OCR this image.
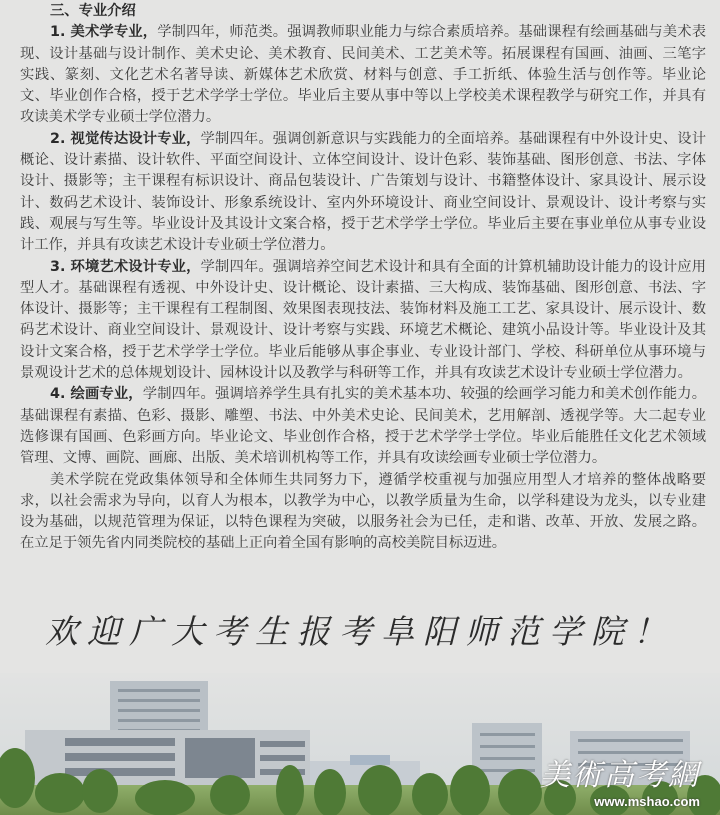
三、专业介绍

1. 美术学专业，学制四年，师范类。强调教师职业能力与综合素质培养。基础课程有绘画基础与美术表现、设计基础与设计制作、美术史论、美术教育、民间美术、工艺美术等。拓展课程有国画、油画、三笔字实践、篆刻、文化艺术名著导读、新媒体艺术欣赏、材料与创意、手工折纸、体验生活与创作等。毕业论文、毕业创作合格，授于艺术学学士学位。毕业后主要从事中等以上学校美术课程教学与研究工作，并具有攻读美术学专业硕士学位潜力。

2. 视觉传达设计专业，学制四年。强调创新意识与实践能力的全面培养。基础课程有中外设计史、设计概论、设计素描、设计软件、平面空间设计、立体空间设计、设计色彩、装饰基础、图形创意、书法、字体设计、摄影等；主干课程有标识设计、商品包装设计、广告策划与设计、书籍整体设计、家具设计、展示设计、数码艺术设计、装饰设计、形象系统设计、室内外环境设计、商业空间设计、景观设计、设计考察与实践、观展与写生等。毕业设计及其设计文案合格，授于艺术学学士学位。毕业后主要在事业单位从事专业设计工作，并具有攻读艺术设计专业硕士学位潜力。

3. 环境艺术设计专业，学制四年。强调培养空间艺术设计和具有全面的计算机辅助设计能力的设计应用型人才。基础课程有透视、中外设计史、设计概论、设计素描、三大构成、装饰基础、图形创意、书法、字体设计、摄影等；主干课程有工程制图、效果图表现技法、装饰材料及施工工艺、家具设计、展示设计、数码艺术设计、商业空间设计、景观设计、设计考察与实践、环境艺术概论、建筑小品设计等。毕业设计及其设计文案合格，授于艺术学学士学位。毕业后能够从事企事业、专业设计部门、学校、科研单位从事环境与景观设计艺术的总体规划设计、园林设计以及教学与科研等工作，并具有攻读艺术设计专业硕士学位潜力。

4. 绘画专业，学制四年。强调培养学生具有扎实的美术基本功、较强的绘画学习能力和美术创作能力。基础课程有素描、色彩、摄影、雕塑、书法、中外美术史论、民间美术，艺用解剖、透视学等。大二起专业选修课有国画、色彩画方向。毕业论文、毕业创作合格，授于艺术学学士学位。毕业后能胜任文化艺术领域管理、文博、画院、画廊、出版、美术培训机构等工作，并具有攻读绘画专业硕士学位潜力。

美术学院在党政集体领导和全体师生共同努力下，遵循学校重视与加强应用型人才培养的整体战略要求，以社会需求为导向，以育人为根本，以教学为中心，以教学质量为生命，以学科建设为龙头，以专业建设为基础，以规范管理为保证，以特色课程为突破，以服务社会为已任，走和谐、改革、开放、发展之路。在立足于领先省内同类院校的基础上正向着全国有影响的高校美院目标迈进。

欢迎广大考生报考阜阳师范学院！
美術高考網
www.mshao.com
